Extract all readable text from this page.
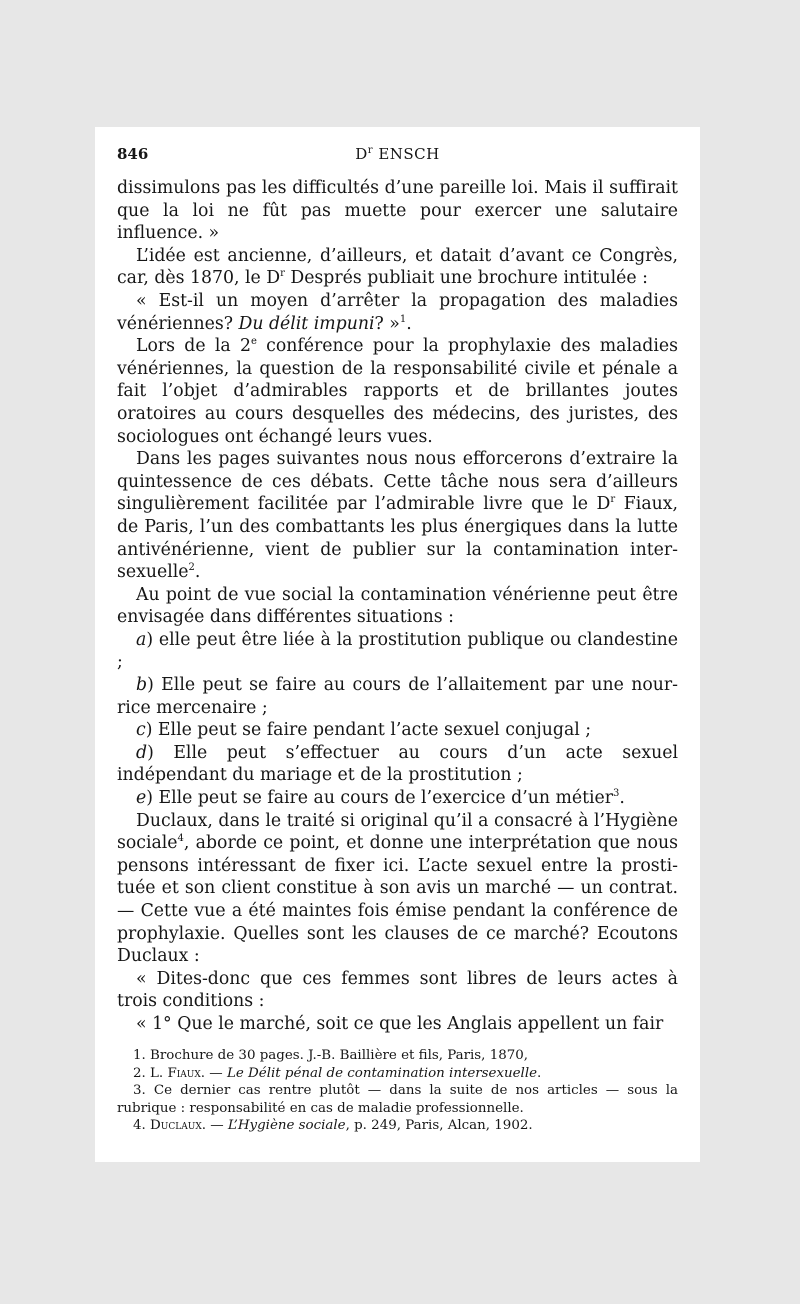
846	$D^r$ ENSCH

dissimulons pas les difficultés d’une pareille loi. Mais il suffirait que la loi ne fût pas muette pour exercer une salutaire influence. »

L’idée est ancienne, d’ailleurs, et datait d’avant ce Congrès, car, dès 1870, le $D^r$ Després publiait une brochure intitulée :

« Est-il un moyen d’arrêter la propagation des maladies vénériennes? Du délit impuni? »$^1$.

Lors de la 2e conférence pour la prophylaxie des maladies vénériennes, la question de la responsabilité civile et pénale a fait l’objet d’admirables rapports et de brillantes joutes oratoires au cours desquelles des médecins, des juristes, des sociologues ont échangé leurs vues.

Dans les pages suivantes nous nous efforcerons d’extraire la quintessence de ces débats. Cette tâche nous sera d’ailleurs singulièrement facilitée par l’admirable livre que le $D^r$ Fiaux, de Paris, l’un des combattants les plus énergiques dans la lutte antivénérienne, vient de publier sur la contamination intersexuelle$^2$.

Au point de vue social la contamination vénérienne peut être envisagée dans différentes situations :

a) elle peut être liée à la prostitution publique ou clandestine ;

b) Elle peut se faire au cours de l’allaitement par une nourrice mercenaire ;

c) Elle peut se faire pendant l’acte sexuel conjugal ;

d) Elle peut s’effectuer au cours d’un acte sexuel indépendant du mariage et de la prostitution ;

e) Elle peut se faire au cours de l’exercice d’un métier$^3$.

Duclaux, dans le traité si original qu’il a consacré à l’Hygiène sociale$^4$, aborde ce point, et donne une interprétation que nous pensons intéressant de fixer ici. L’acte sexuel entre la prostituée et son client constitue à son avis un marché — un contrat. — Cette vue a été maintes fois émise pendant la conférence de prophylaxie. Quelles sont les clauses de ce marché? Ecoutons Duclaux :

« Dites-donc que ces femmes sont libres de leurs actes à trois conditions :

« 1° Que le marché, soit ce que les Anglais appellent un fair

1. Brochure de 30 pages. J.-B. Baillière et fils, Paris, 1870,

2. L. Fiaux. — Le Délit pénal de contamination intersexuelle.

3. Ce dernier cas rentre plutôt — dans la suite de nos articles — sous la rubrique : responsabilité en cas de maladie professionnelle.

4. Duclaux. — L’Hygiène sociale, p. 249, Paris, Alcan, 1902.
